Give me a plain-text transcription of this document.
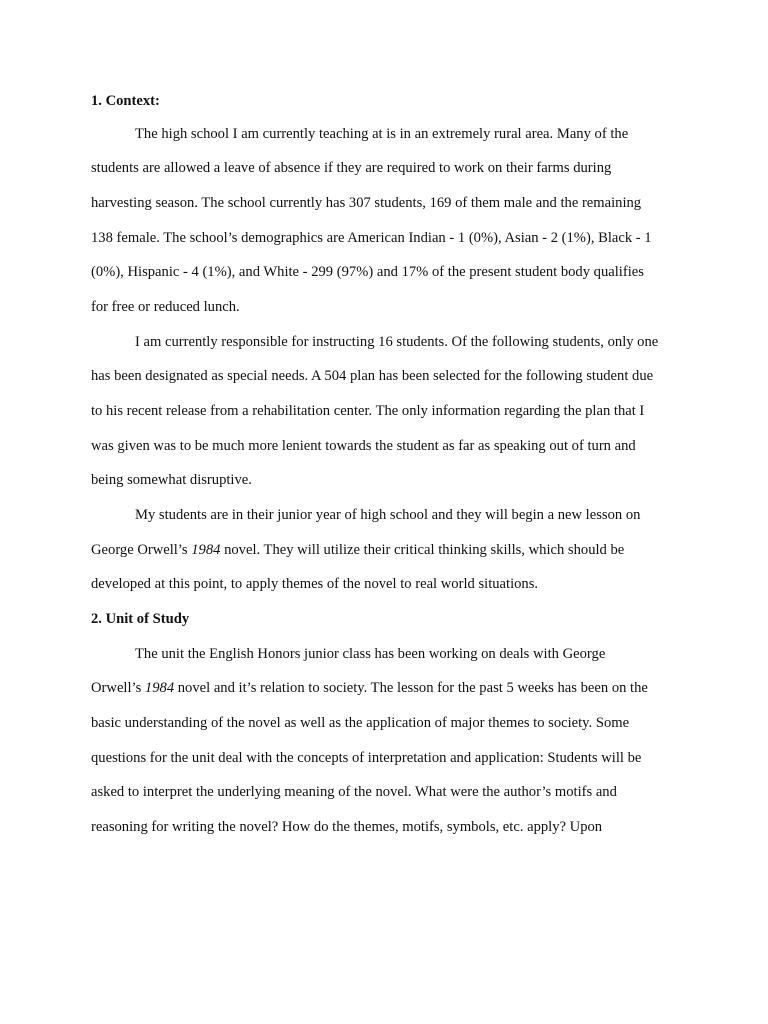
1. Context:
The high school I am currently teaching at is in an extremely rural area. Many of the
students are allowed a leave of absence if they are required to work on their farms during
harvesting season. The school currently has 307 students, 169 of them male and the remaining
138 female. The school’s demographics are American Indian - 1 (0%), Asian - 2 (1%), Black - 1
(0%), Hispanic - 4 (1%), and White - 299 (97%) and 17% of the present student body qualifies
for free or reduced lunch.
I am currently responsible for instructing 16 students. Of the following students, only one
has been designated as special needs. A 504 plan has been selected for the following student due
to his recent release from a rehabilitation center. The only information regarding the plan that I
was given was to be much more lenient towards the student as far as speaking out of turn and
being somewhat disruptive.
My students are in their junior year of high school and they will begin a new lesson on
George Orwell’s 1984 novel. They will utilize their critical thinking skills, which should be
developed at this point, to apply themes of the novel to real world situations.
2. Unit of Study
The unit the English Honors junior class has been working on deals with George
Orwell’s 1984 novel and it’s relation to society. The lesson for the past 5 weeks has been on the
basic understanding of the novel as well as the application of major themes to society. Some
questions for the unit deal with the concepts of interpretation and application: Students will be
asked to interpret the underlying meaning of the novel. What were the author’s motifs and
reasoning for writing the novel? How do the themes, motifs, symbols, etc. apply? Upon
